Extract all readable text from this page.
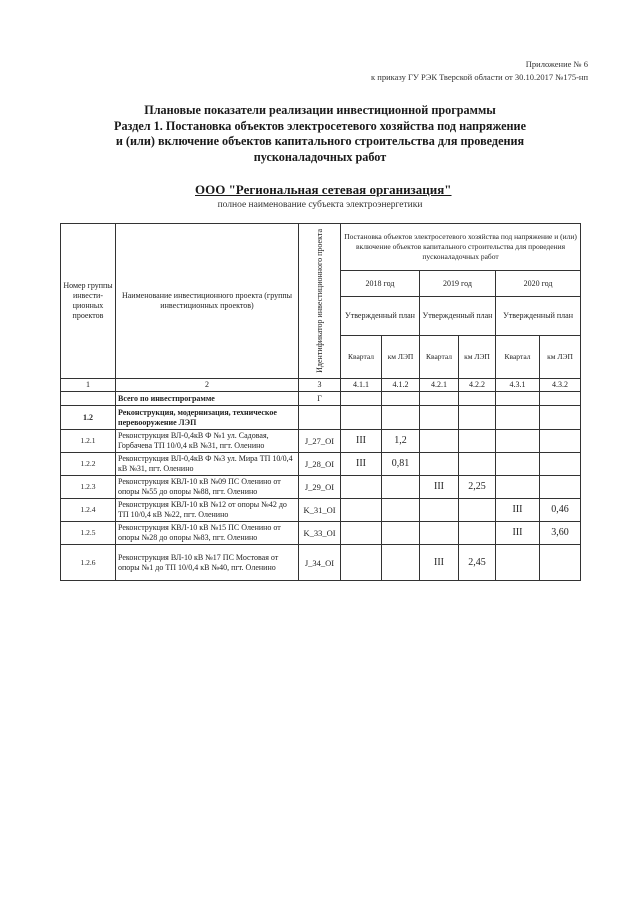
Приложение № 6
к приказу ГУ РЭК Тверской области от 30.10.2017 №175-нп
Плановые показатели реализации инвестиционной программы
Раздел 1. Постановка объектов электросетевого хозяйства под напряжение
и (или) включение объектов капитального строительства для проведения
пусконаладочных работ
ООО "Региональная сетевая организация"
полное наименование субъекта электроэнергетики
Номер группы инвести-ционных проектов	Наименование инвестиционного проекта (группы инвестиционных проектов)	Идентификатор инвестиционного проекта	Постановка объектов электросетевого хозяйства под напряжение и (или) включение объектов капитального строительства для проведения пусконаладочных работ					
			2018 год		2019 год		2020 год	
			Утвержденный план		Утвержденный план		Утвержденный план	
			Квартал	км ЛЭП	Квартал	км ЛЭП	Квартал	км ЛЭП
1	2	3	4.1.1	4.1.2	4.2.1	4.2.2	4.3.1	4.3.2
	Всего по инвестпрограмме	Г						
1.2	Реконструкция, модернизация, техническое перевооружение ЛЭП							
1.2.1	Реконструкция ВЛ-0,4кВ Ф №1 ул. Садовая, Горбачева ТП 10/0,4 кВ №31, пгт. Оленино	J_27_OI	III	1,2				
1.2.2	Реконструкция ВЛ-0,4кВ Ф №3 ул. Мира ТП 10/0,4 кВ №31, пгт. Оленино	J_28_OI	III	0,81				
1.2.3	Реконструкция КВЛ-10 кВ №09 ПС Оленино от опоры №55 до опоры №88, пгт. Оленино	J_29_OI			III	2,25		
1.2.4	Реконструкция КВЛ-10 кВ №12 от опоры №42 до ТП 10/0,4 кВ №22, пгт. Оленино	K_31_OI					III	0,46
1.2.5	Реконструкция КВЛ-10 кВ №15 ПС Оленино от опоры №28 до опоры №83, пгт. Оленино	K_33_OI					III	3,60
1.2.6	Реконструкция ВЛ-10 кВ №17 ПС Мостовая от опоры №1 до ТП 10/0,4 кВ №40, пгт. Оленино	J_34_OI			III	2,45		
